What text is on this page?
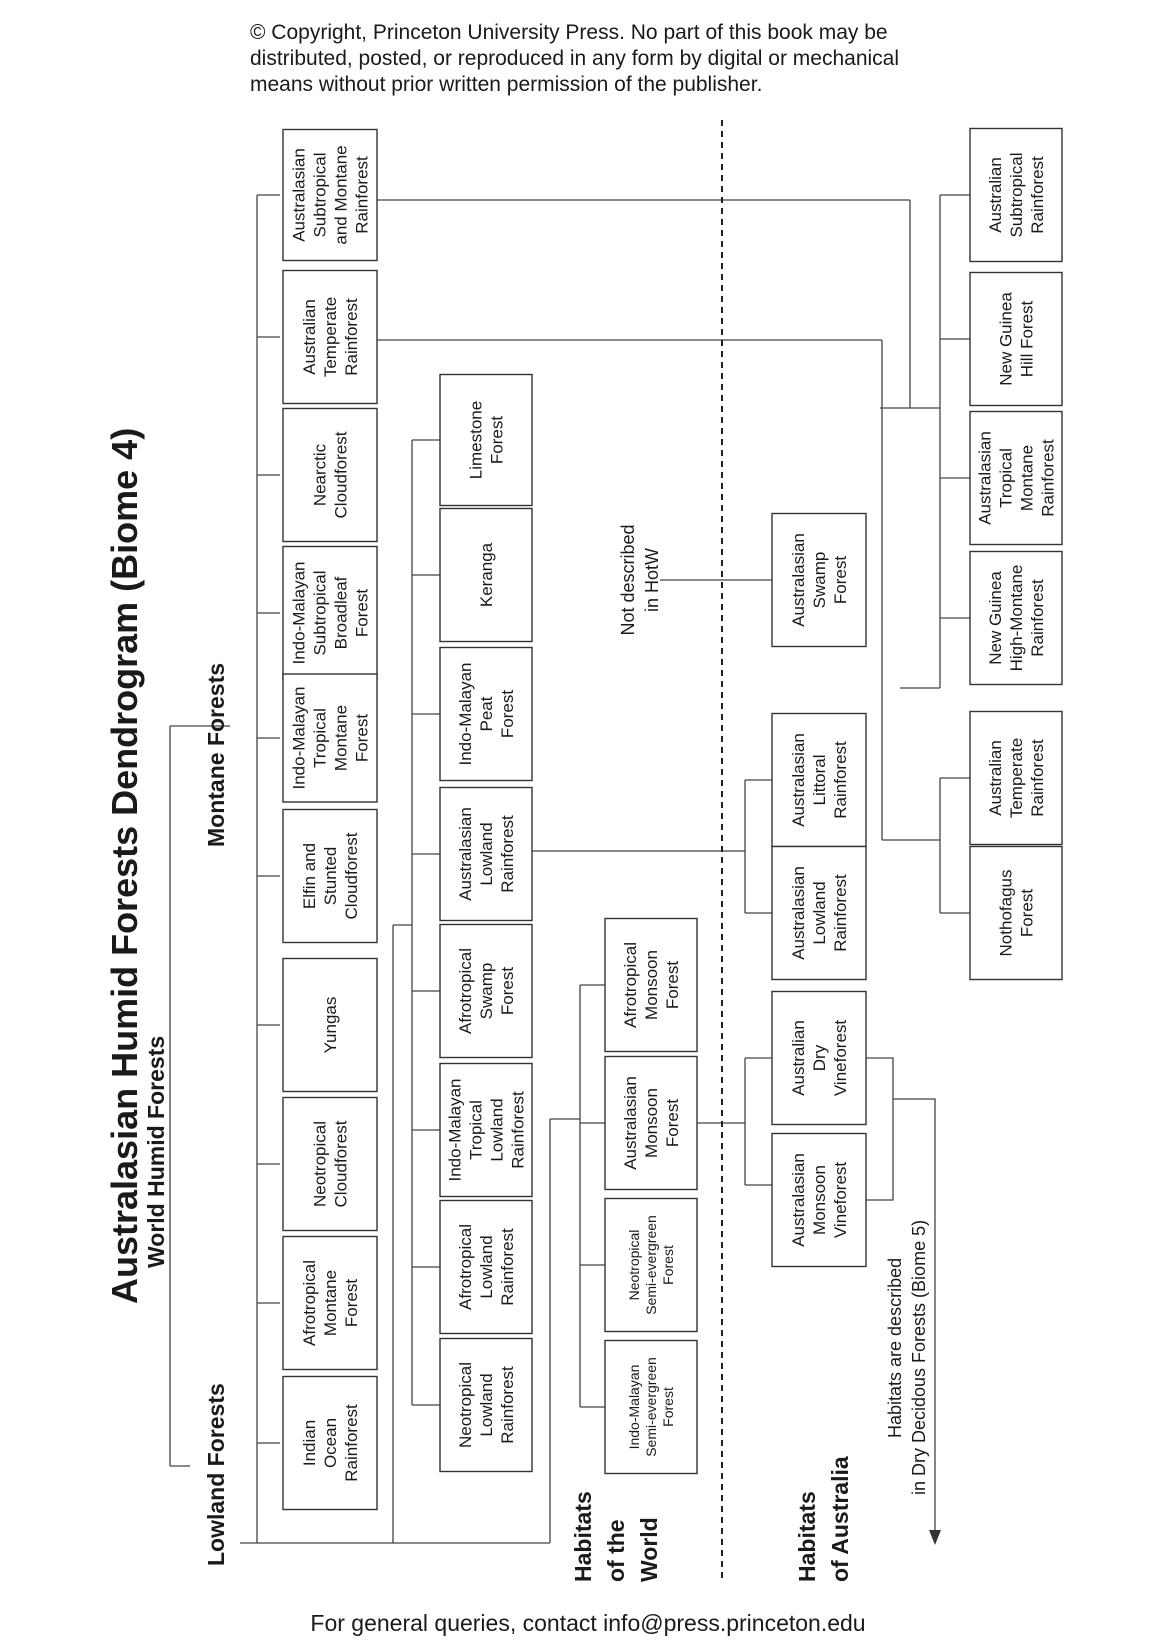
© Copyright, Princeton University Press. No part of this book may be
distributed, posted, or reproduced in any form by digital or mechanical
means without prior written permission of the publisher.
Australasian Humid Forests Dendrogram (Biome 4)
World Humid Forests
Montane Forests
Lowland Forests	Habitats of the World	Habitats of Australia
Not described in HotW
Habitats are described in Dry Decidous Forests (Biome 5)
Australasian Subtropical and Montane Rainforest
Australian Temperate Rainforest
Nearctic Cloudforest
Indo-Malayan Subtropical Broadleaf Forest
Indo-Malayan Tropical Montane Forest
Elfin and Stunted Cloudforest
Yungas
Neotropical Cloudforest
Afrotropical Montane Forest
Indian Ocean Rainforest
Limestone Forest
Keranga
Indo-Malayan Peat Forest
Australasian Lowland Rainforest
Afrotropical Swamp Forest
Indo-Malayan Tropical Lowland Rainforest
Afrotropical Lowland Rainforest
Neotropical Lowland Rainforest
Afrotropical Monsoon Forest
Australasian Monsoon Forest
Neotropical Semi-evergreen Forest
Indo-Malayan Semi-evergreen Forest
Australasian Swamp Forest
Australasian Littoral Rainforest
Australasian Lowland Rainforest
Australian Dry Vineforest
Australasian Monsoon Vineforest
Australian Subtropical Rainforest
New Guinea Hill Forest
Australasian Tropical Montane Rainforest
New Guinea High-Montane Rainforest
Australian Temperate Rainforest
Nothofagus Forest
For general queries, contact info@press.princeton.edu
